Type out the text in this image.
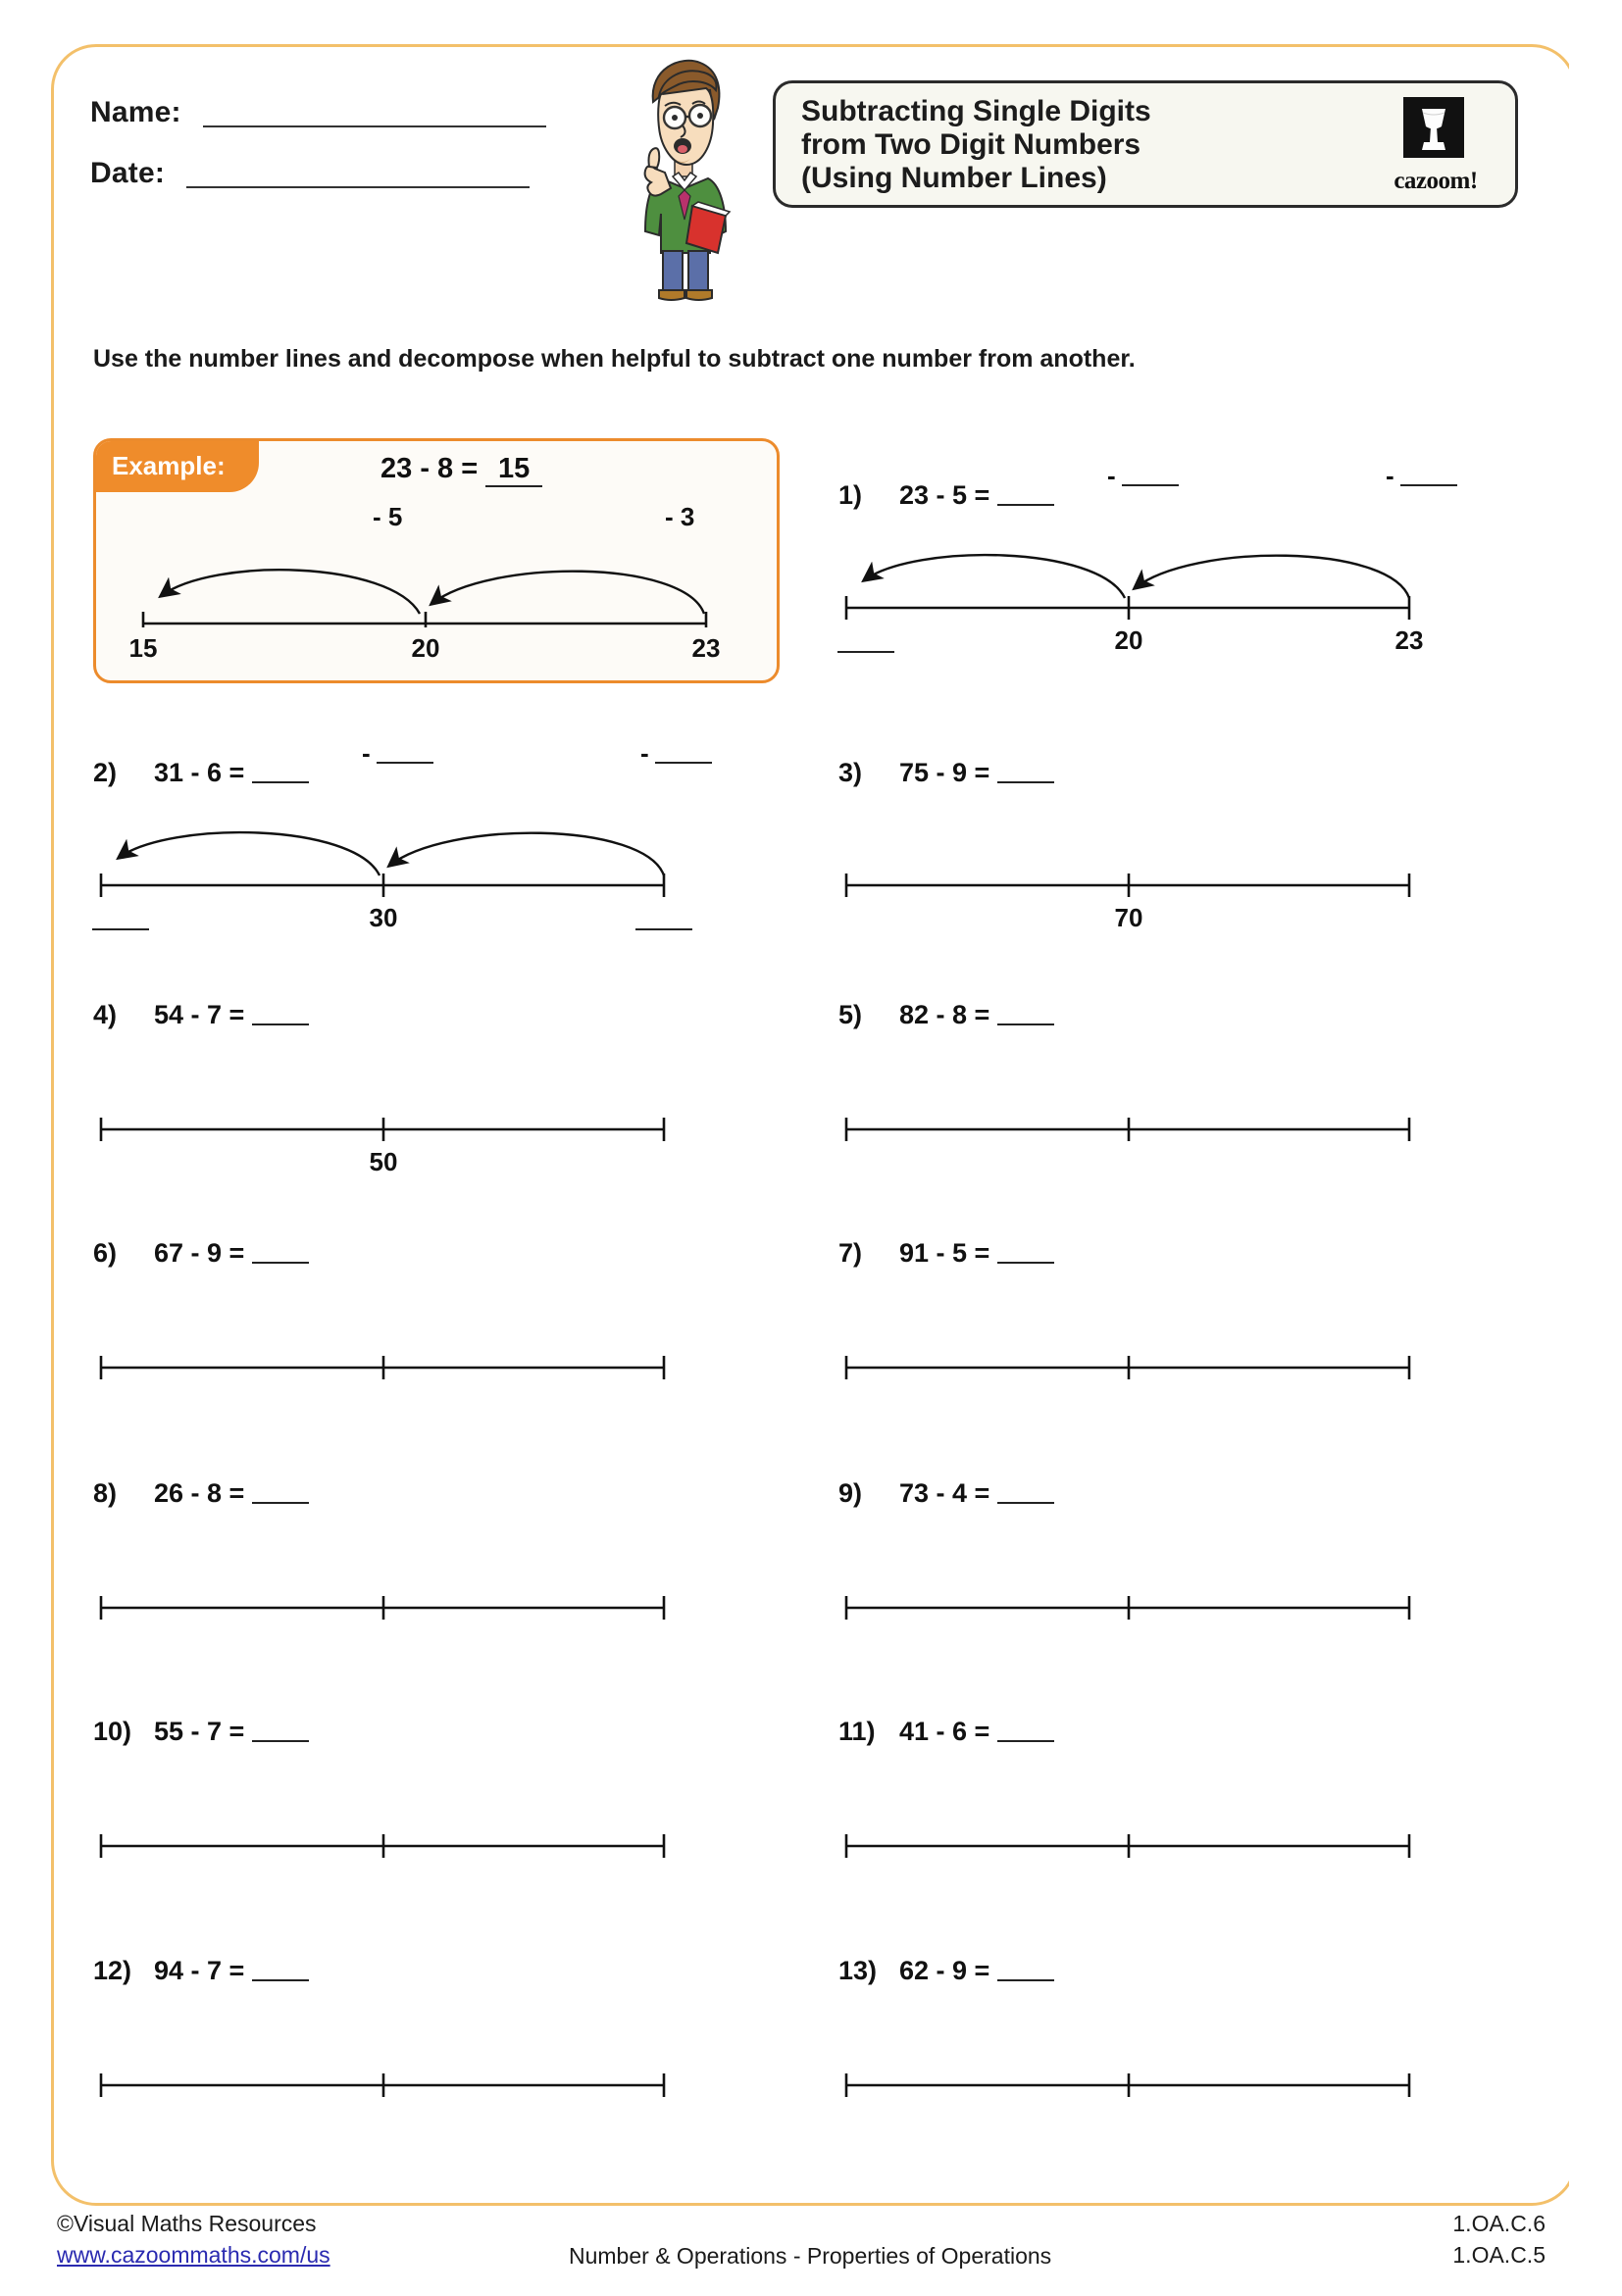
Name:
Date:
Subtracting Single Digits
from Two Digit Numbers
(Using Number Lines)	cazoom!
Use the number lines and decompose when helpful to subtract one number from another.
Example:	23 - 8 = 15
- 5	- 3
15	20	23
1) 23 - 5 =
-	-
20	23
2) 31 - 6 =
-	-
30
3) 75 - 9 =
70
4) 54 - 7 =
50
5) 82 - 8 =
6) 67 - 9 =	7) 91 - 5 =
8) 26 - 8 =	9) 73 - 4 =
10) 55 - 7 =	11) 41 - 6 =
12) 94 - 7 =	13) 62 - 9 =
©Visual Maths Resources
www.cazoommaths.com/us	Number & Operations - Properties of Operations
1.OA.C.6
1.OA.C.5
